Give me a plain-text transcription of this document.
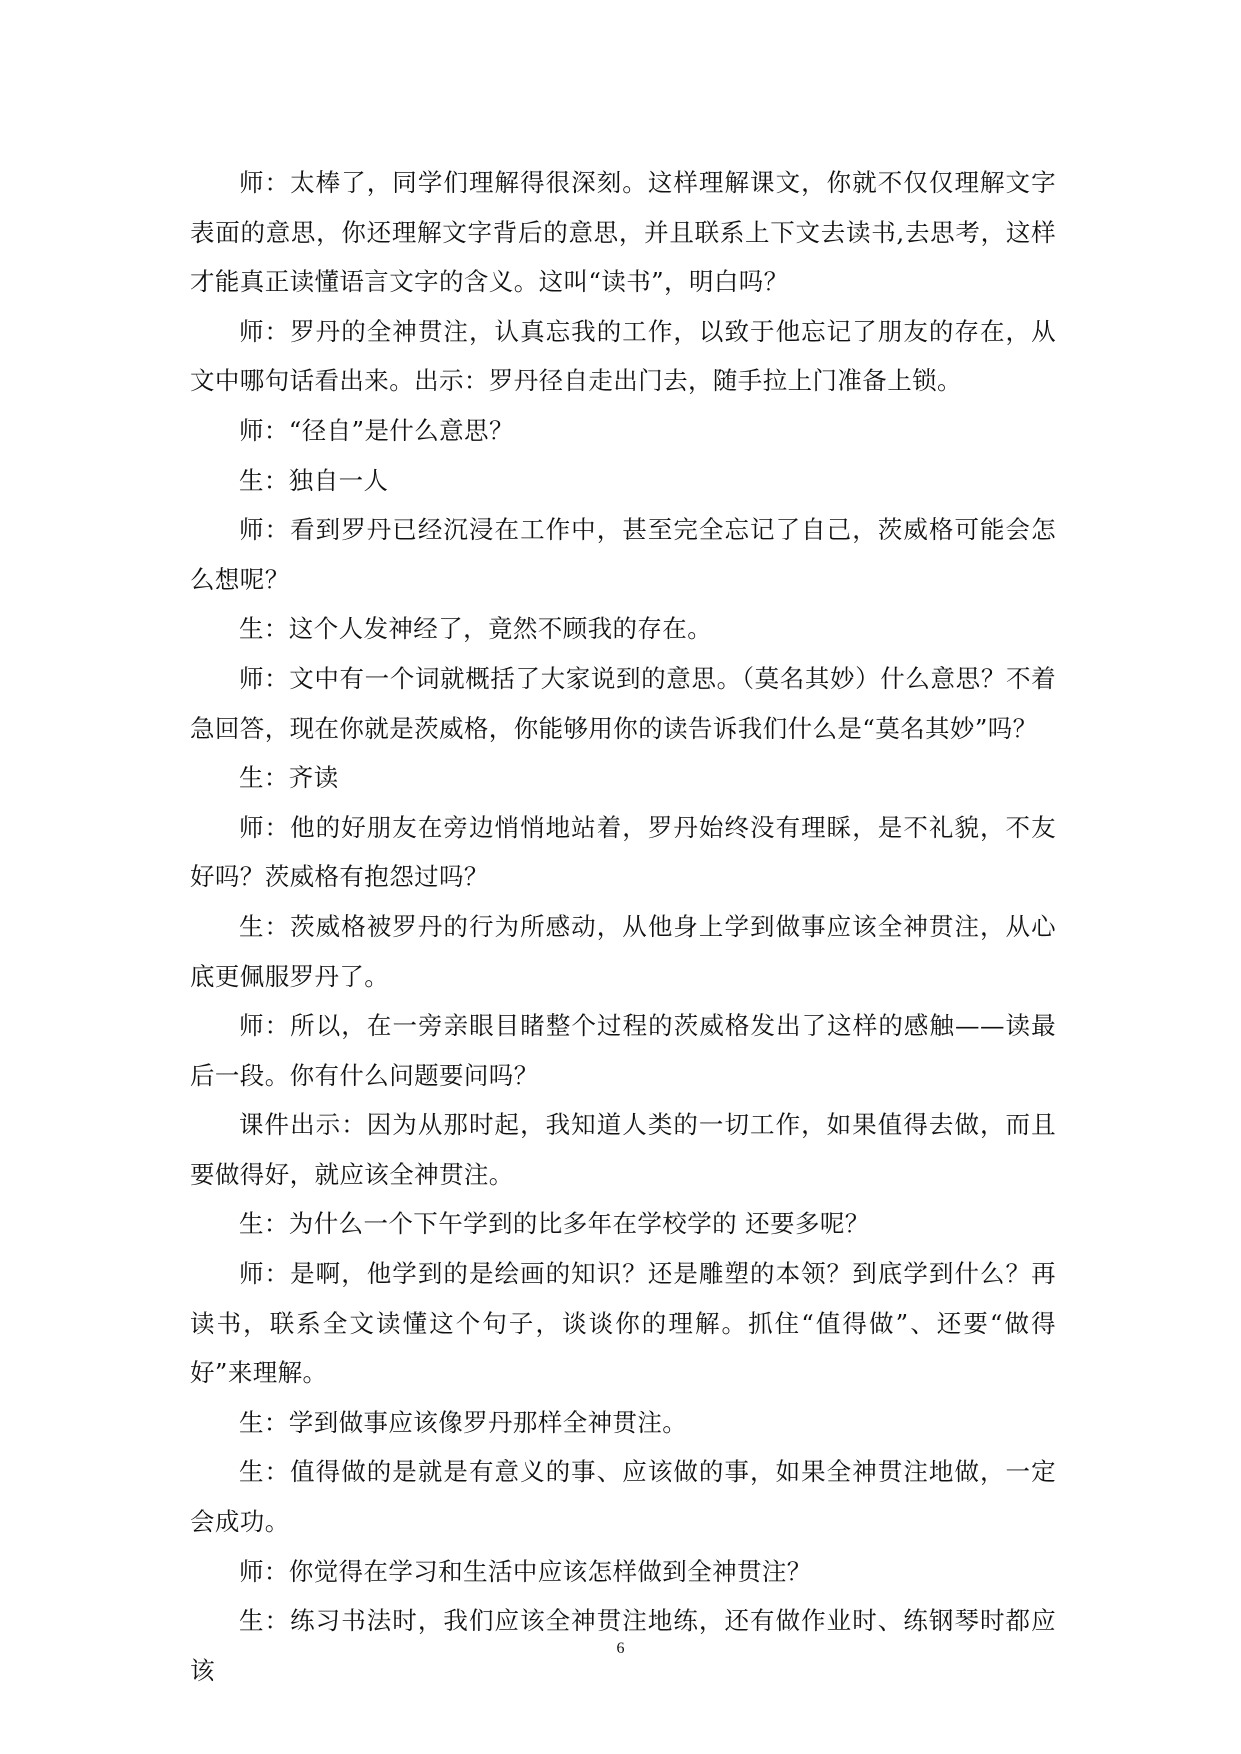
师：太棒了，同学们理解得很深刻。这样理解课文，你就不仅仅理解文字表面的意思，你还理解文字背后的意思，并且联系上下文去读书,去思考，这样才能真正读懂语言文字的含义。这叫“读书”，明白吗？

师：罗丹的全神贯注，认真忘我的工作，以致于他忘记了朋友的存在，从文中哪句话看出来。出示：罗丹径自走出门去，随手拉上门准备上锁。

师：“径自”是什么意思？

生：独自一人

师：看到罗丹已经沉浸在工作中，甚至完全忘记了自己，茨威格可能会怎么想呢？

生：这个人发神经了，竟然不顾我的存在。

师：文中有一个词就概括了大家说到的意思。（莫名其妙）什么意思？不着急回答，现在你就是茨威格，你能够用你的读告诉我们什么是“莫名其妙”吗？

生：齐读

师：他的好朋友在旁边悄悄地站着，罗丹始终没有理睬，是不礼貌，不友好吗？茨威格有抱怨过吗？

生：茨威格被罗丹的行为所感动，从他身上学到做事应该全神贯注，从心底更佩服罗丹了。

师：所以，在一旁亲眼目睹整个过程的茨威格发出了这样的感触——读最后一段。你有什么问题要问吗？

课件出示：因为从那时起，我知道人类的一切工作，如果值得去做，而且要做得好，就应该全神贯注。

生：为什么一个下午学到的比多年在学校学的 还要多呢？

师：是啊，他学到的是绘画的知识？还是雕塑的本领？到底学到什么？再读书，联系全文读懂这个句子，谈谈你的理解。抓住“值得做”、还要“做得好”来理解。

生：学到做事应该像罗丹那样全神贯注。

生：值得做的是就是有意义的事、应该做的事，如果全神贯注地做，一定会成功。

师：你觉得在学习和生活中应该怎样做到全神贯注？

生：练习书法时，我们应该全神贯注地练，还有做作业时、练钢琴时都应该

6
